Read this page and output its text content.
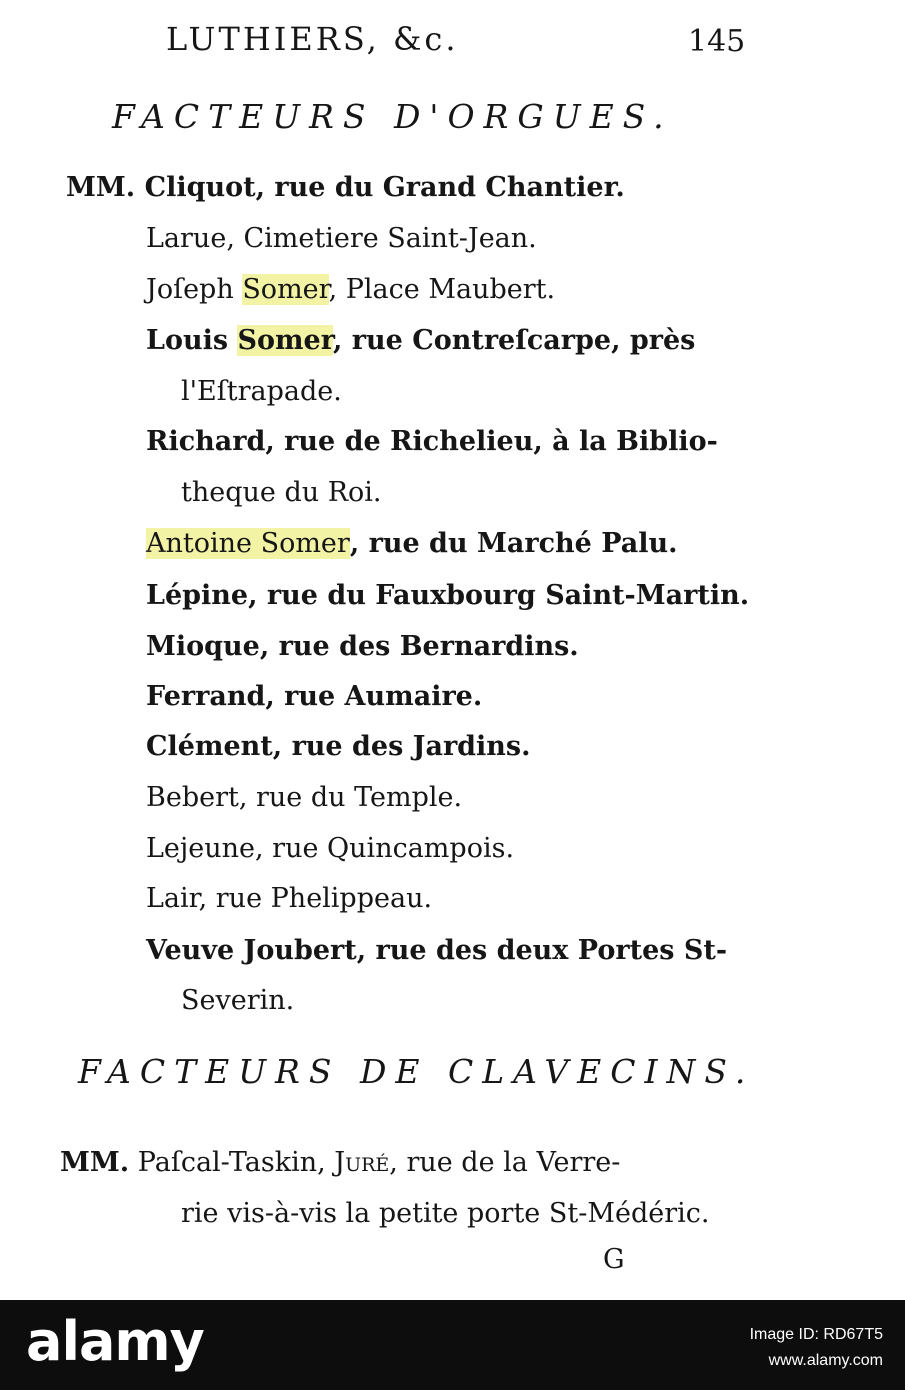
LUTHIERS, &c.	145
FACTEURS D'ORGUES.
MM. Cliquot, rue du Grand Chantier.
Larue, Cimetiere Saint-Jean.
Joſeph Somer, Place Maubert.
Louis Somer, rue Contreſcarpe, près
l'Eſtrapade.
Richard, rue de Richelieu, à la Biblio-
theque du Roi.
Antoine Somer, rue du Marché Palu.
Lépine, rue du Fauxbourg Saint-Martin.
Mioque, rue des Bernardins.
Ferrand, rue Aumaire.
Clément, rue des Jardins.
Bebert, rue du Temple.
Lejeune, rue Quincampois.
Lair, rue Phelippeau.
Veuve Joubert, rue des deux Portes St-
Severin.
FACTEURS DE CLAVECINS.
MM. Paſcal-Taskin, Juré, rue de la Verre-
rie vis-à-vis la petite porte St-Médéric.
G
alamy	Image ID: RD67T5
www.alamy.com
